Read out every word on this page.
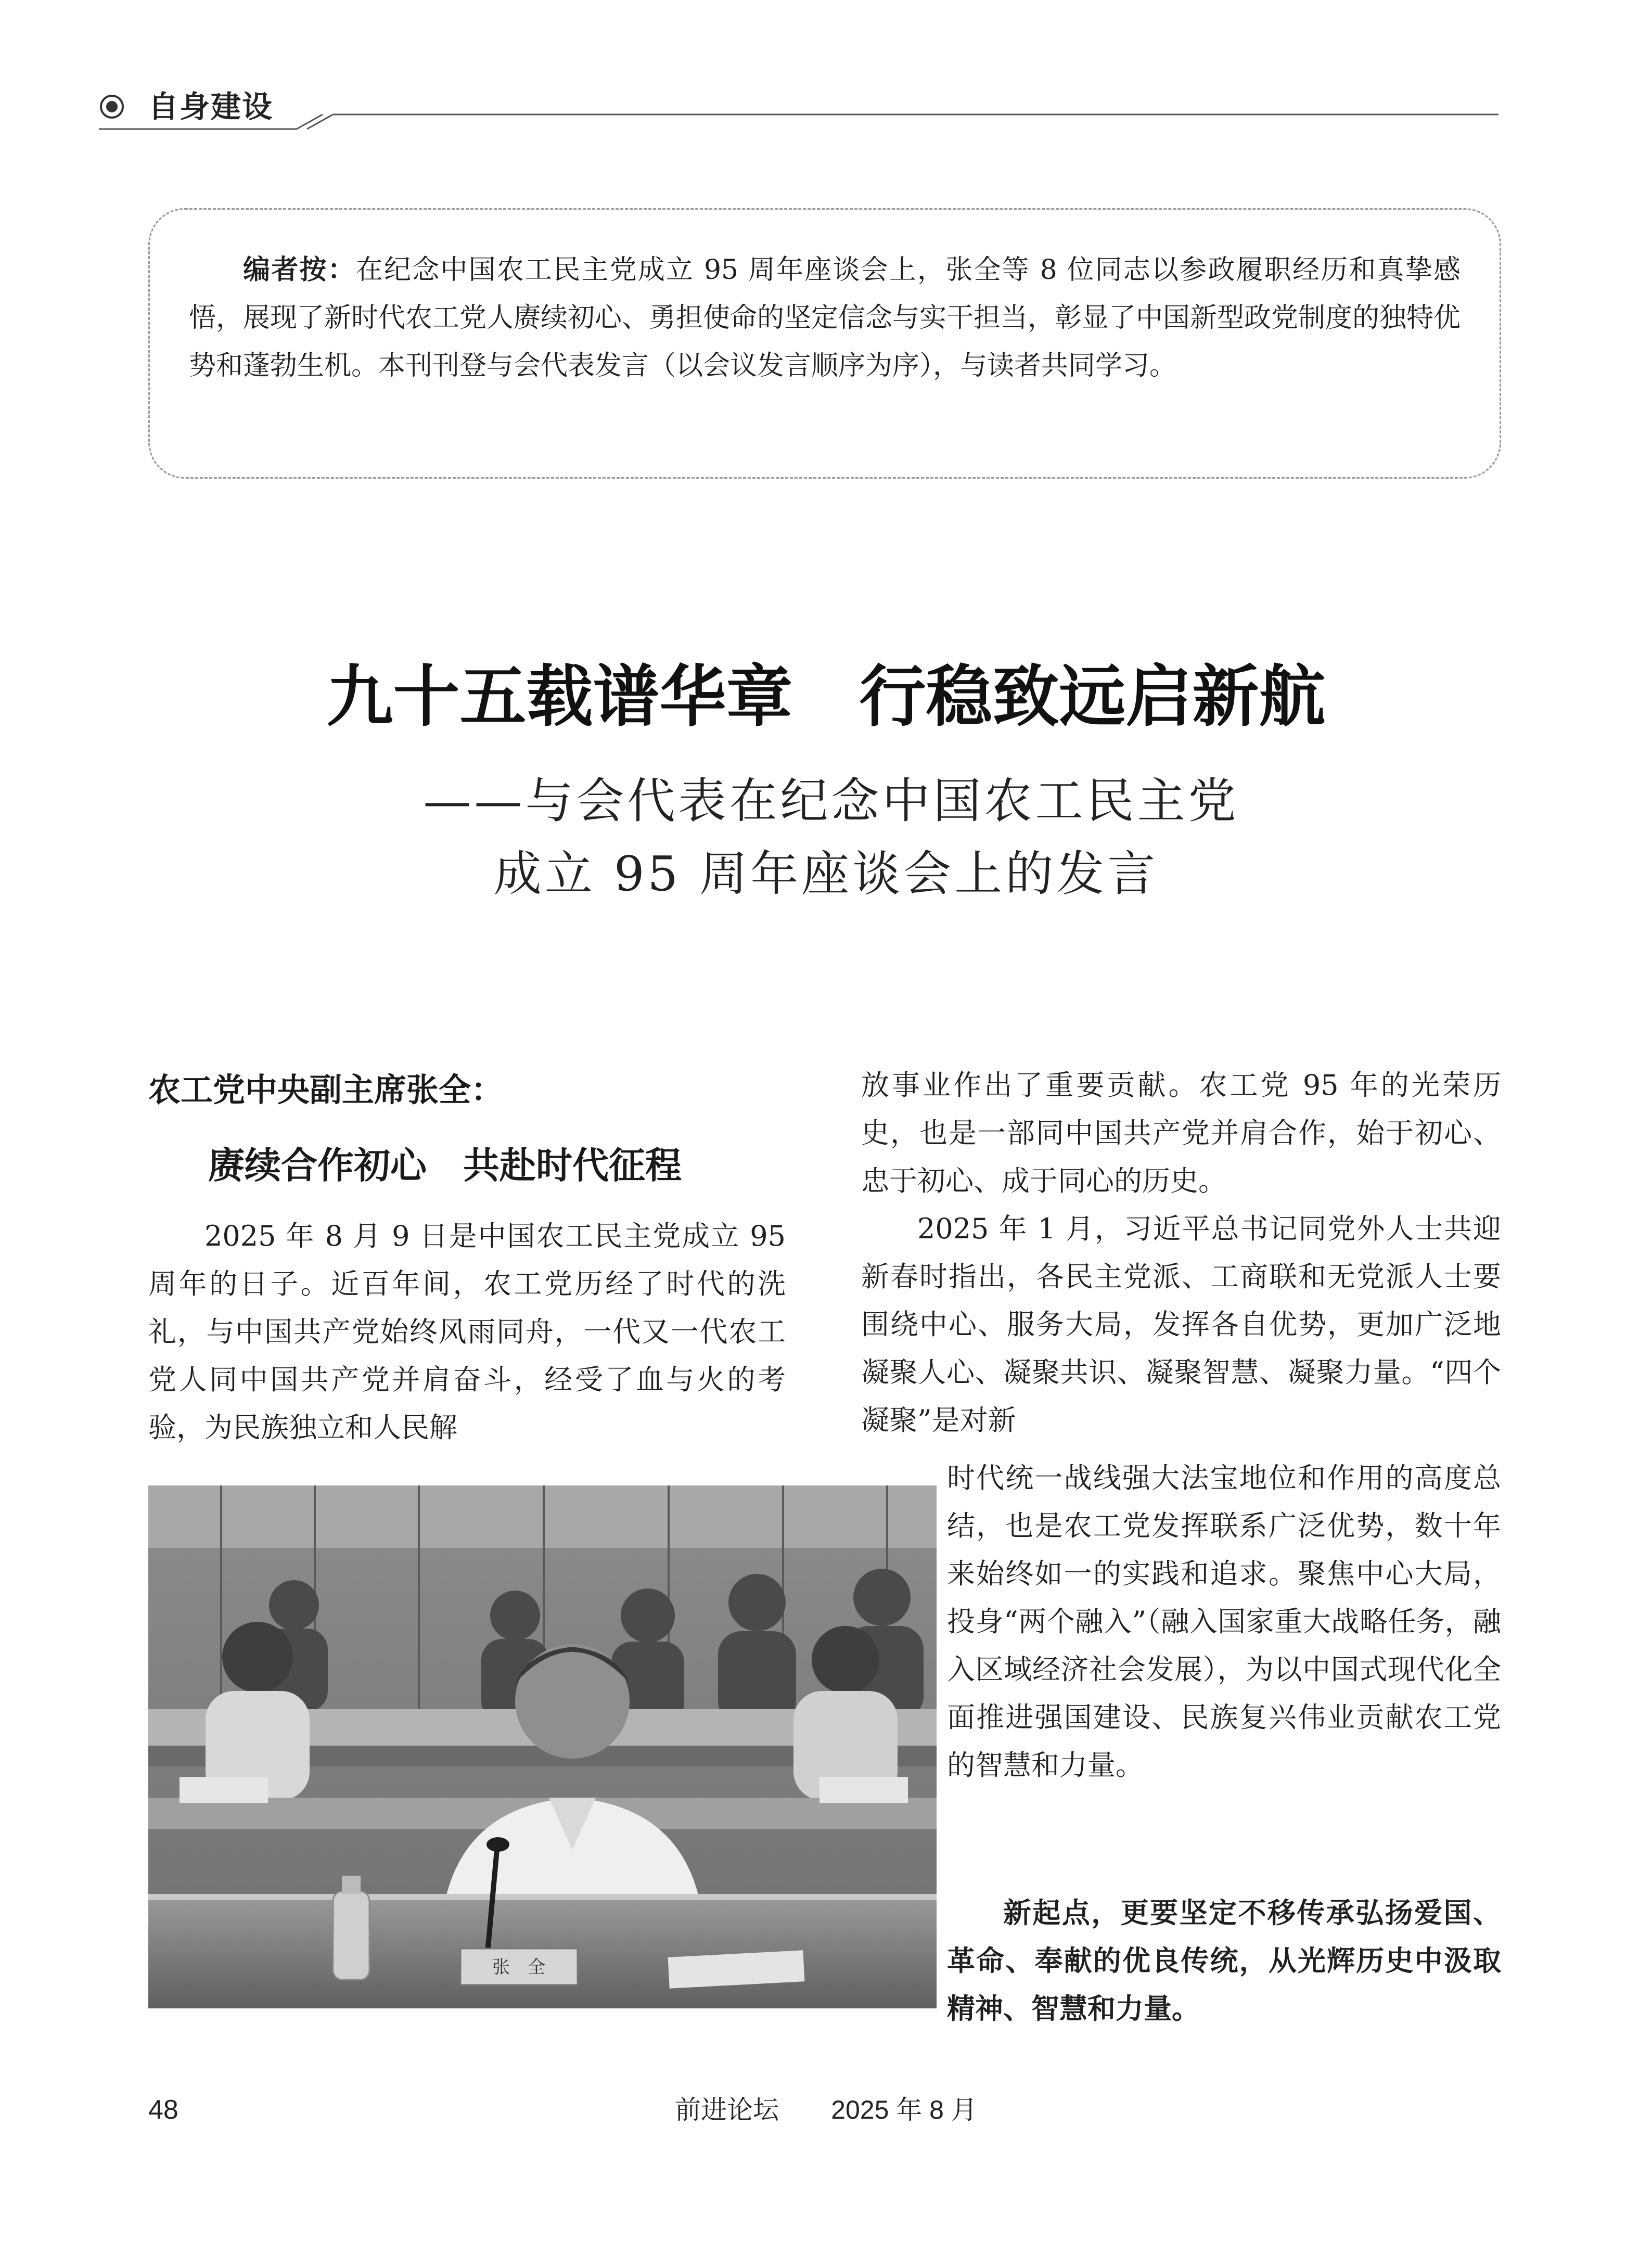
自身建设

编者按：在纪念中国农工民主党成立 95 周年座谈会上，张全等 8 位同志以参政履职经历和真挚感悟，展现了新时代农工党人赓续初心、勇担使命的坚定信念与实干担当，彰显了中国新型政党制度的独特优势和蓬勃生机。本刊刊登与会代表发言（以会议发言顺序为序），与读者共同学习。

九十五载谱华章　行稳致远启新航
——与会代表在纪念中国农工民主党
成立 95 周年座谈会上的发言
农工党中央副主席张全：
赓续合作初心　共赴时代征程

2025 年 8 月 9 日是中国农工民主党成立 95 周年的日子。近百年间，农工党历经了时代的洗礼，与中国共产党始终风雨同舟，一代又一代农工党人同中国共产党并肩奋斗，经受了血与火的考验，为民族独立和人民解

放事业作出了重要贡献。农工党 95 年的光荣历史，也是一部同中国共产党并肩合作，始于初心、忠于初心、成于同心的历史。

2025 年 1 月，习近平总书记同党外人士共迎新春时指出，各民主党派、工商联和无党派人士要围绕中心、服务大局，发挥各自优势，更加广泛地凝聚人心、凝聚共识、凝聚智慧、凝聚力量。“四个凝聚”是对新

时代统一战线强大法宝地位和作用的高度总结，也是农工党发挥联系广泛优势，数十年来始终如一的实践和追求。聚焦中心大局，投身“两个融入”（融入国家重大战略任务，融入区域经济社会发展），为以中国式现代化全面推进强国建设、民族复兴伟业贡献农工党的智慧和力量。

新起点，更要坚定不移传承弘扬爱国、革命、奉献的优良传统，从光辉历史中汲取精神、智慧和力量。

张　全
48	前进论坛　　2025 年 8 月
